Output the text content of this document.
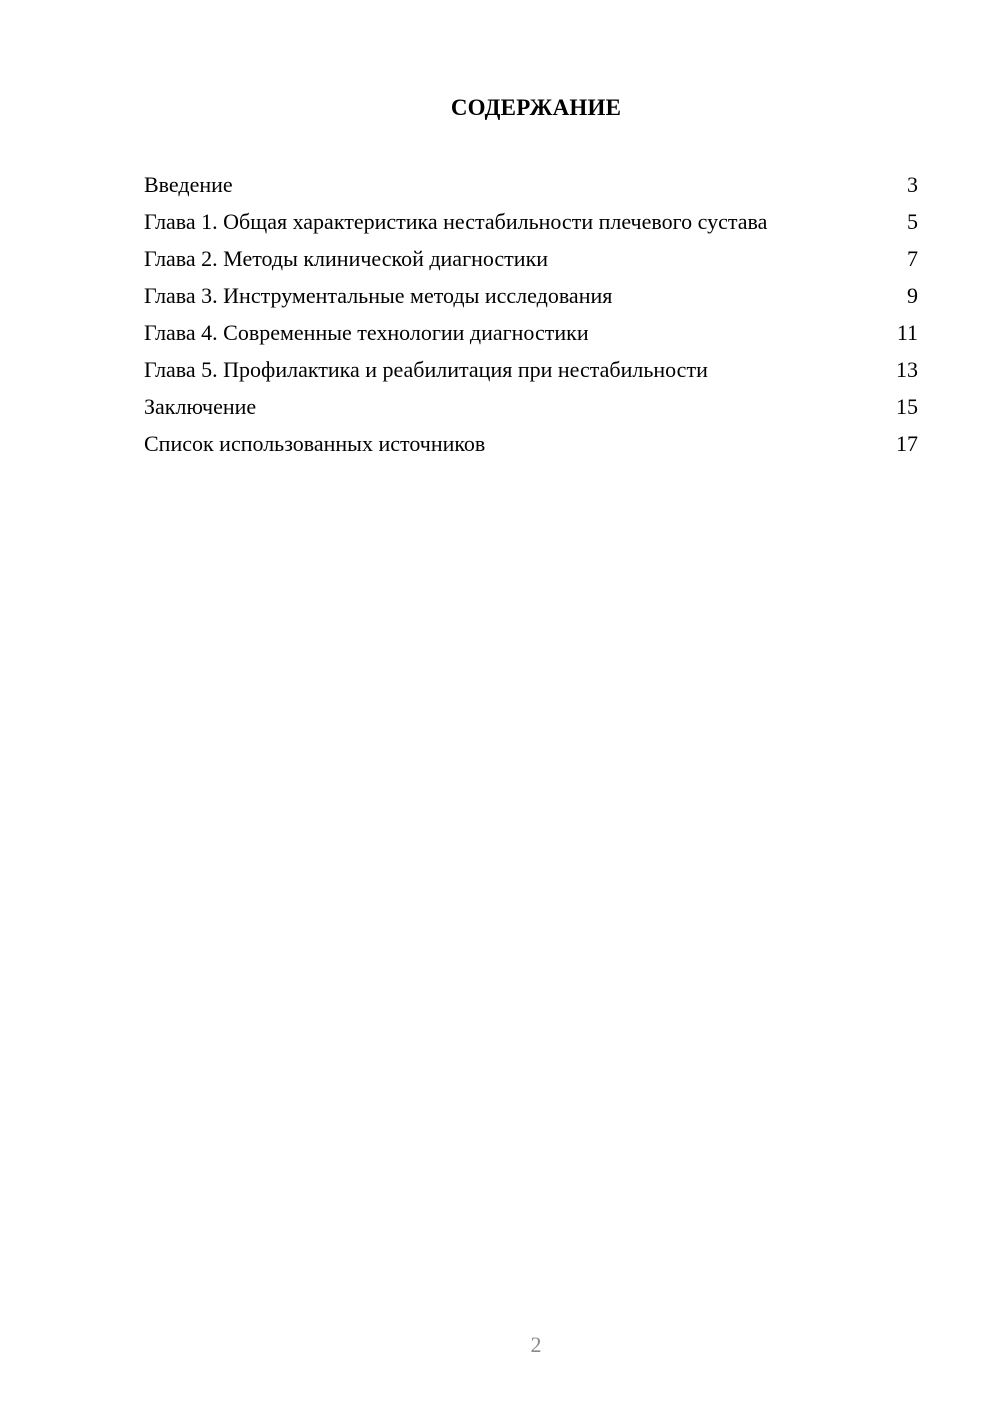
СОДЕРЖАНИЕ
Введение	3
Глава 1. Общая характеристика нестабильности плечевого сустава	5
Глава 2. Методы клинической диагностики	7
Глава 3. Инструментальные методы исследования	9
Глава 4. Современные технологии диагностики	11
Глава 5. Профилактика и реабилитация при нестабильности	13
Заключение	15
Список использованных источников	17
2
